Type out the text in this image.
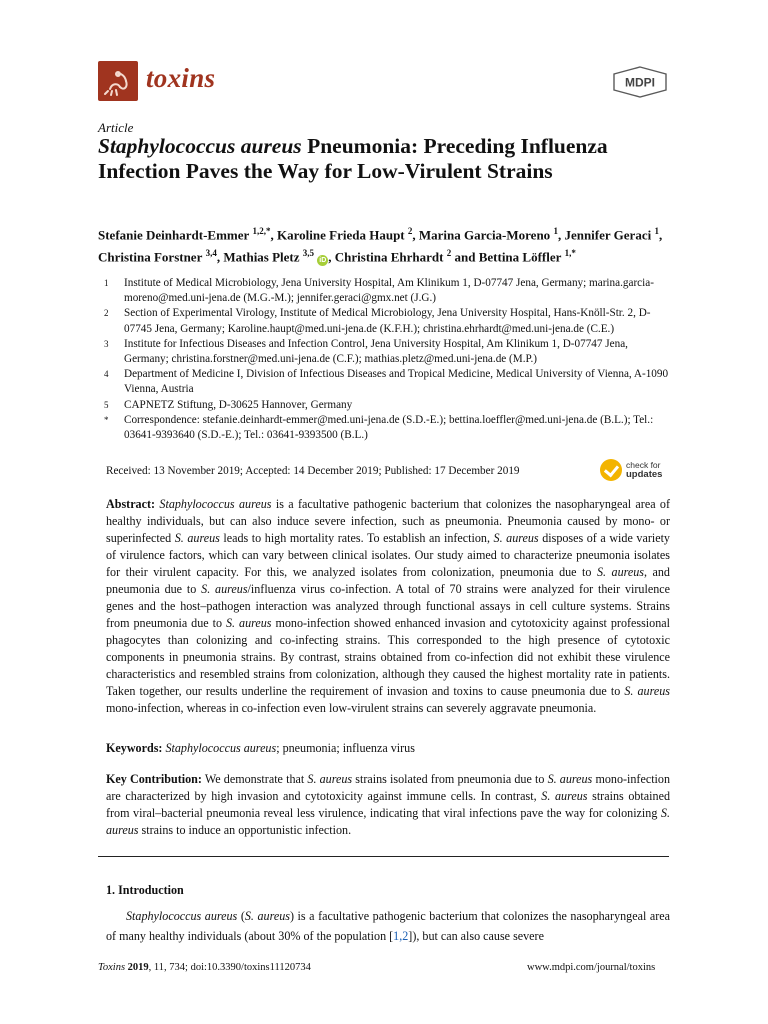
toxins	MDPI
Article
Staphylococcus aureus Pneumonia: Preceding Influenza Infection Paves the Way for Low-Virulent Strains
Stefanie Deinhardt-Emmer $^{1,2,*}$, Karoline Frieda Haupt $^2$, Marina Garcia-Moreno $^1$, Jennifer Geraci $^1$, Christina Forstner $^{3,4}$, Mathias Pletz $^{3,5}$ iD , Christina Ehrhardt $^2$ and Bettina Löffler $^{1,*}$
1	Institute of Medical Microbiology, Jena University Hospital, Am Klinikum 1, D-07747 Jena, Germany; marina.garcia-moreno@med.uni-jena.de (M.G.-M.); jennifer.geraci@gmx.net (J.G.)
2	Section of Experimental Virology, Institute of Medical Microbiology, Jena University Hospital, Hans-Knöll-Str. 2, D-07745 Jena, Germany; Karoline.haupt@med.uni-jena.de (K.F.H.); christina.ehrhardt@med.uni-jena.de (C.E.)
3	Institute for Infectious Diseases and Infection Control, Jena University Hospital, Am Klinikum 1, D-07747 Jena, Germany; christina.forstner@med.uni-jena.de (C.F.); mathias.pletz@med.uni-jena.de (M.P.)
4	Department of Medicine I, Division of Infectious Diseases and Tropical Medicine, Medical University of Vienna, A-1090 Vienna, Austria
5	CAPNETZ Stiftung, D-30625 Hannover, Germany
*	Correspondence: stefanie.deinhardt-emmer@med.uni-jena.de (S.D.-E.); bettina.loeffler@med.uni-jena.de (B.L.); Tel.: 03641-9393640 (S.D.-E.); Tel.: 03641-9393500 (B.L.)
Received: 13 November 2019; Accepted: 14 December 2019; Published: 17 December 2019	check for
updates
Abstract: Staphylococcus aureus is a facultative pathogenic bacterium that colonizes the nasopharyngeal area of healthy individuals, but can also induce severe infection, such as pneumonia. Pneumonia caused by mono- or superinfected S. aureus leads to high mortality rates. To establish an infection, S. aureus disposes of a wide variety of virulence factors, which can vary between clinical isolates. Our study aimed to characterize pneumonia isolates for their virulent capacity. For this, we analyzed isolates from colonization, pneumonia due to S. aureus, and pneumonia due to S. aureus/influenza virus co-infection. A total of 70 strains were analyzed for their virulence genes and the host–pathogen interaction was analyzed through functional assays in cell culture systems. Strains from pneumonia due to S. aureus mono-infection showed enhanced invasion and cytotoxicity against professional phagocytes than colonizing and co-infecting strains. This corresponded to the high presence of cytotoxic components in pneumonia strains. By contrast, strains obtained from co-infection did not exhibit these virulence characteristics and resembled strains from colonization, although they caused the highest mortality rate in patients. Taken together, our results underline the requirement of invasion and toxins to cause pneumonia due to S. aureus mono-infection, whereas in co-infection even low-virulent strains can severely aggravate pneumonia.
Keywords: Staphylococcus aureus; pneumonia; influenza virus
Key Contribution: We demonstrate that S. aureus strains isolated from pneumonia due to S. aureus mono-infection are characterized by high invasion and cytotoxicity against immune cells. In contrast, S. aureus strains obtained from viral–bacterial pneumonia reveal less virulence, indicating that viral infections pave the way for colonizing S. aureus strains to induce an opportunistic infection.
1. Introduction
Staphylococcus aureus (S. aureus) is a facultative pathogenic bacterium that colonizes the nasopharyngeal area of many healthy individuals (about 30% of the population [1,2]), but can also cause severe
Toxins 2019, 11, 734; doi:10.3390/toxins11120734	www.mdpi.com/journal/toxins
